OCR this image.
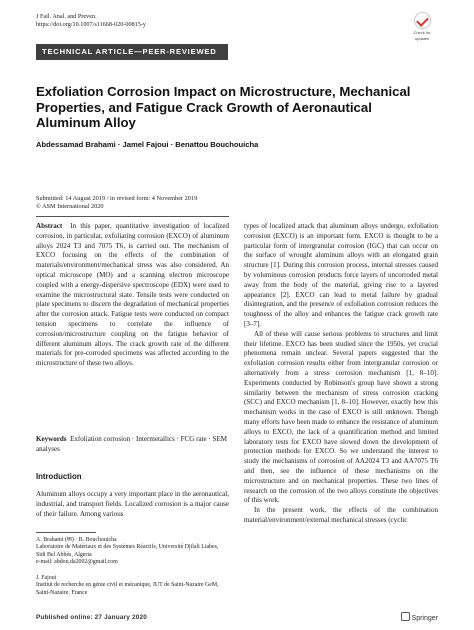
J Fail. Anal. and Preven.
https://doi.org/10.1007/s11668-020-00815-y
Check for
updates
TECHNICAL ARTICLE—PEER-REVIEWED
Exfoliation Corrosion Impact on Microstructure, Mechanical Properties, and Fatigue Crack Growth of Aeronautical Aluminum Alloy
Abdessamad Brahami · Jamel Fajoui · Benattou Bouchouicha
Submitted: 14 August 2019 / in revised form: 4 November 2019
© ASM International 2020

Abstract In this paper, quantitative investigation of localized corrosion, in particular, exfoliating corrosion (EXCO) of aluminum alloys 2024 T3 and 7075 T6, is carried out. The mechanism of EXCO focusing on the effects of the combination of materials/environment/mechanical stress was also considered. An optical microscope (MO) and a scanning electron microscope coupled with a energy-dispersive spectroscope (EDX) were used to examine the microstructural state. Tensile tests were conducted on plate specimens to discern the degradation of mechanical properties after the corrosion attack. Fatigue tests were conducted on compact tension specimens to correlate the influence of corrosion/microstructure coupling on the fatigue behavior of different aluminum alloys. The crack growth rate of the different materials for pre-corroded specimens was affected according to the microstructure of these two alloys.

Keywords Exfoliation corrosion · Intermetallics · FCG rate · SEM analyses
Introduction
Aluminum alloys occupy a very important place in the aeronautical, industrial, and transport fields. Localized corrosion is a major cause of their failure. Among various
A. Brahami (✉) · B. Bouchouicha
Laboratoire de Matériaux et des Systèmes Réactifs, Université Djilali Liabes, Sidi Bel Abbès, Algeria
e-mail: abdou.da2002@gmail.com
J. Fajoui
Institut de recherche en génie civil et mécanique, IUT de Saint-Nazaire GeM, Saint-Nazaire, France

types of localized attack that aluminum alloys undergo, exfoliation corrosion (EXCO) is an important form. EXCO is thought to be a particular form of intergranular corrosion (IGC) that can occur on the surface of wrought aluminum alloys with an elongated grain structure [1]. During this corrosion process, internal stresses caused by voluminous corrosion products force layers of uncorroded metal away from the body of the material, giving rise to a layered appearance [2]. EXCO can lead to metal failure by gradual disintegration, and the presence of exfoliation corrosion reduces the toughness of the alloy and enhances the fatigue crack growth rate [3–7].

All of these will cause serious problems to structures and limit their lifetime. EXCO has been studied since the 1950s, yet crucial phenomena remain unclear. Several papers suggested that the exfoliation corrosion results either from intergranular corrosion or alternatively from a stress corrosion mechanism [1, 8–10]. Experiments conducted by Robinson's group have shown a strong similarity between the mechanism of stress corrosion cracking (SCC) and EXCO mechanism [1, 8–10]. However, exactly how this mechanism works in the case of EXCO is still unknown. Though many efforts have been made to enhance the resistance of aluminum alloys to EXCO, the lack of a quantification method and limited laboratory tests for EXCO have slowed down the development of protection methods for EXCO. So we understand the interest to study the mechanisms of corrosion of AA2024 T3 and AA7075 T6 and then, see the influence of these mechanisms on the microstructure and on mechanical properties. These two lines of research on the corrosion of the two alloys constitute the objectives of this work.

In the present work, the effects of the combination material/environment/external mechanical stresses (cyclic

Published online: 27 January 2020	Springer
